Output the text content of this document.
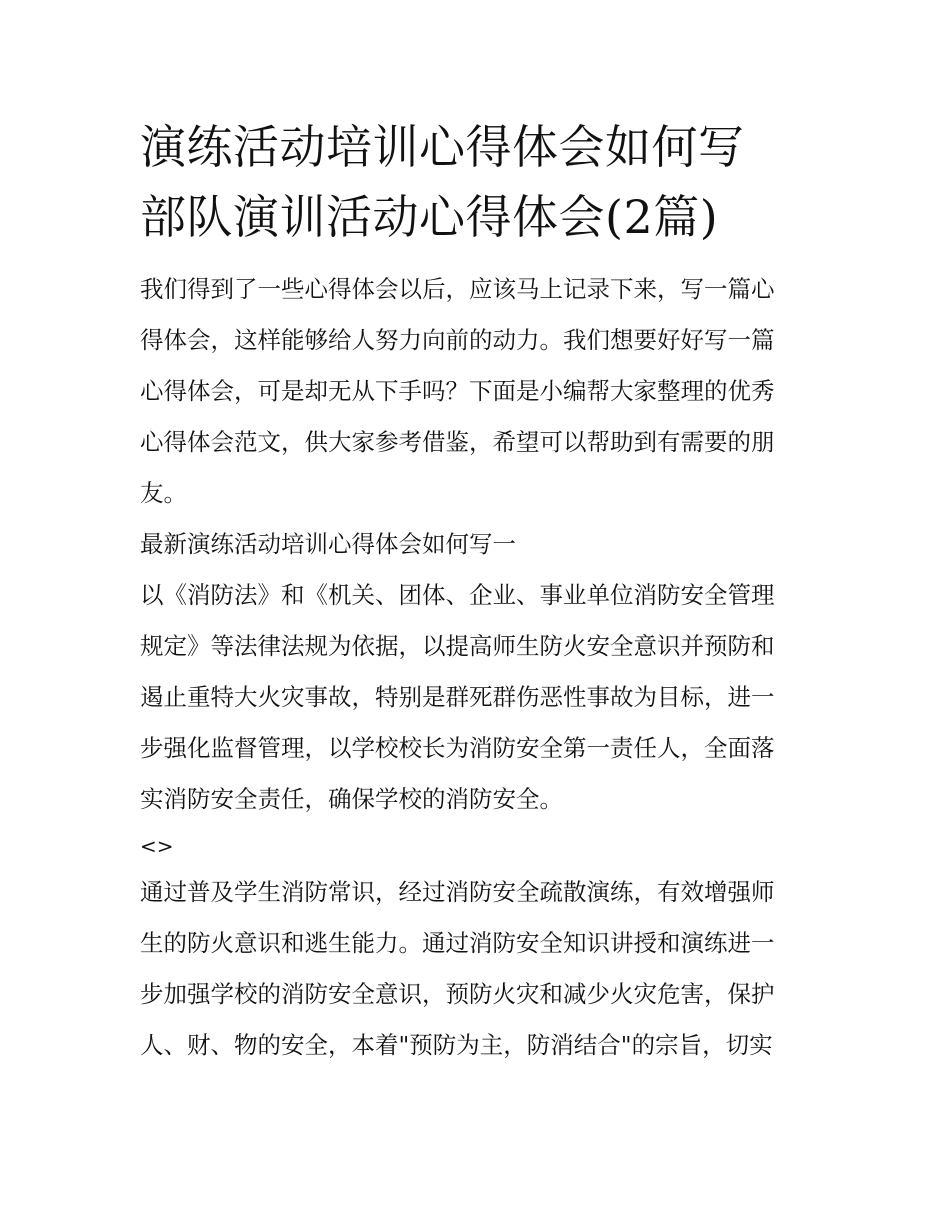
演练活动培训心得体会如何写
部队演训活动心得体会(2篇)
我们得到了一些心得体会以后，应该马上记录下来，写一篇心
得体会，这样能够给人努力向前的动力。我们想要好好写一篇
心得体会，可是却无从下手吗？下面是小编帮大家整理的优秀
心得体会范文，供大家参考借鉴，希望可以帮助到有需要的朋
友。

最新演练活动培训心得体会如何写一

以《消防法》和《机关、团体、企业、事业单位消防安全管理
规定》等法律法规为依据，以提高师生防火安全意识并预防和
遏止重特大火灾事故，特别是群死群伤恶性事故为目标，进一
步强化监督管理，以学校校长为消防安全第一责任人，全面落
实消防安全责任，确保学校的消防安全。

<>

通过普及学生消防常识，经过消防安全疏散演练，有效增强师
生的防火意识和逃生能力。通过消防安全知识讲授和演练进一
步加强学校的消防安全意识，预防火灾和减少火灾危害，保护
人、财、物的安全，本着"预防为主，防消结合"的宗旨，切实
